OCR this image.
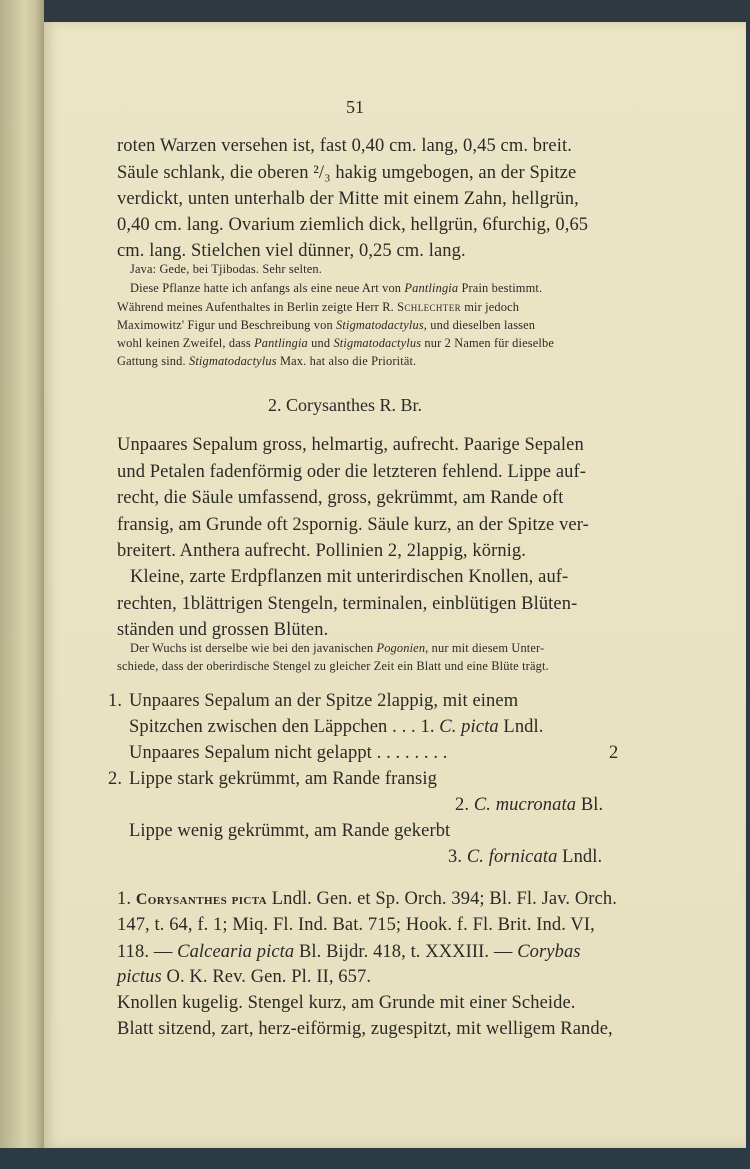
51
roten Warzen versehen ist, fast 0,40 cm. lang, 0,45 cm. breit.
Säule schlank, die oberen ²/₃ hakig umgebogen, an der Spitze
verdickt, unten unterhalb der Mitte mit einem Zahn, hellgrün,
0,40 cm. lang. Ovarium ziemlich dick, hellgrün, 6furchig, 0,65
cm. lang. Stielchen viel dünner, 0,25 cm. lang.
Java: Gede, bei Tjibodas. Sehr selten.
Diese Pflanze hatte ich anfangs als eine neue Art von Pantlingia Prain bestimmt.
Während meines Aufenthaltes in Berlin zeigte Herr R. Schlechter mir jedoch
Maximowitz' Figur und Beschreibung von Stigmatodactylus, und dieselben lassen
wohl keinen Zweifel, dass Pantlingia und Stigmatodactylus nur 2 Namen für dieselbe
Gattung sind. Stigmatodactylus Max. hat also die Priorität.
2. Corysanthes R. Br.
Unpaares Sepalum gross, helmartig, aufrecht. Paarige Sepalen
und Petalen fadenförmig oder die letzteren fehlend. Lippe auf-
recht, die Säule umfassend, gross, gekrümmt, am Rande oft
fransig, am Grunde oft 2spornig. Säule kurz, an der Spitze ver-
breitert. Anthera aufrecht. Pollinien 2, 2lappig, körnig.
Kleine, zarte Erdpflanzen mit unterirdischen Knollen, auf-
rechten, 1blättrigen Stengeln, terminalen, einblütigen Blüten-
ständen und grossen Blüten.
Der Wuchs ist derselbe wie bei den javanischen Pogonien, nur mit diesem Unter-
schiede, dass der oberirdische Stengel zu gleicher Zeit ein Blatt und eine Blüte trägt.
1. Unpaares Sepalum an der Spitze 2lappig, mit einem
Spitzchen zwischen den Läppchen . . . 1. C. picta Lndl.
Unpaares Sepalum nicht gelappt . . . . . . . .	2
2. Lippe stark gekrümmt, am Rande fransig
2. C. mucronata Bl.
Lippe wenig gekrümmt, am Rande gekerbt
3. C. fornicata Lndl.
1. Corysanthes picta Lndl. Gen. et Sp. Orch. 394; Bl. Fl. Jav. Orch.
147, t. 64, f. 1; Miq. Fl. Ind. Bat. 715; Hook. f. Fl. Brit. Ind. VI,
118. — Calcearia picta Bl. Bijdr. 418, t. XXXIII. — Corybas
pictus O. K. Rev. Gen. Pl. II, 657.
Knollen kugelig. Stengel kurz, am Grunde mit einer Scheide.
Blatt sitzend, zart, herz-eiförmig, zugespitzt, mit welligem Rande,
